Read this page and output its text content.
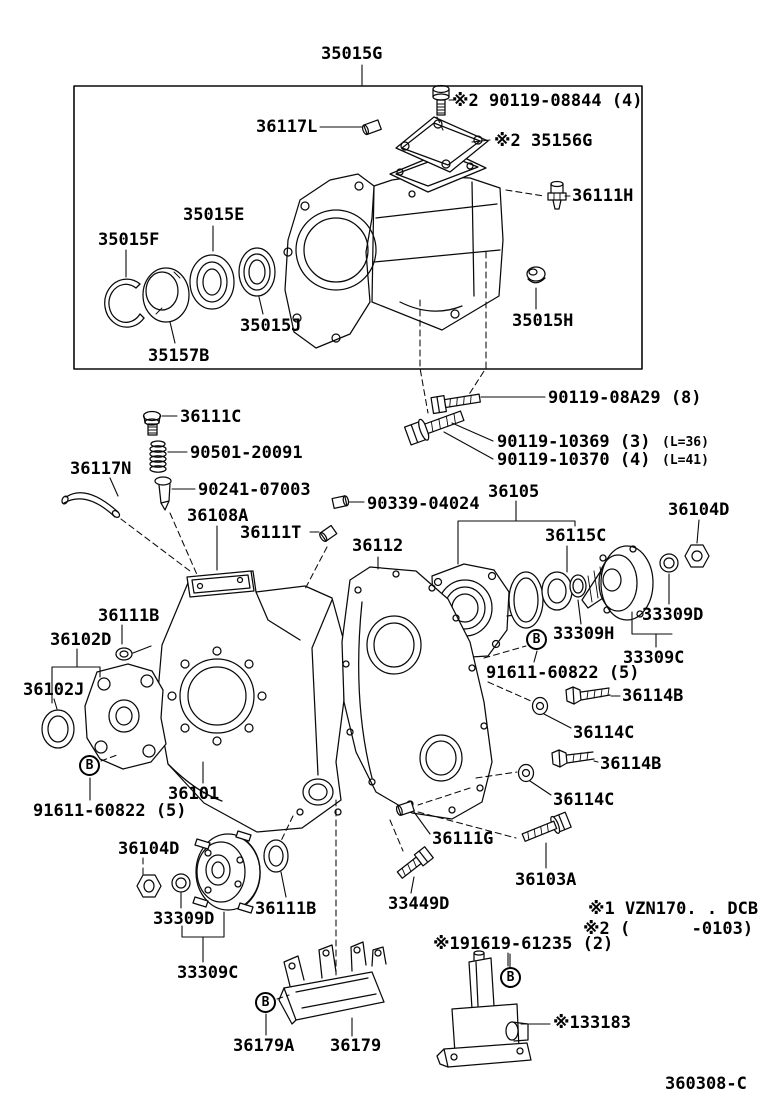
35015G
※2 90119-08844 (4)
36117L
※2 35156G
36111H
35015E
35015F
35015J
35157B
35015H
90119-08A29 (8)
90119-10369 (3) (L=36)
90119-10370 (4) (L=41)
36111C
90501-20091
36117N
90241-07003
36108A
36111T
90339-04024
36105
36112	36115C
36104D
33309D
33309H
33309C
36111B
36102D
36102J
91611-60822 (5)
36101
91611-60822 (5)
36114B
36114C
36114B
36114C
36111G
36103A
36104D
33309D 36111B	33449D	※1 VZN170. . DCB
※2 (      -0103)
※191619-61235 (2)
33309C
36179A 36179
※133183
360308-C
B
B
B
B
